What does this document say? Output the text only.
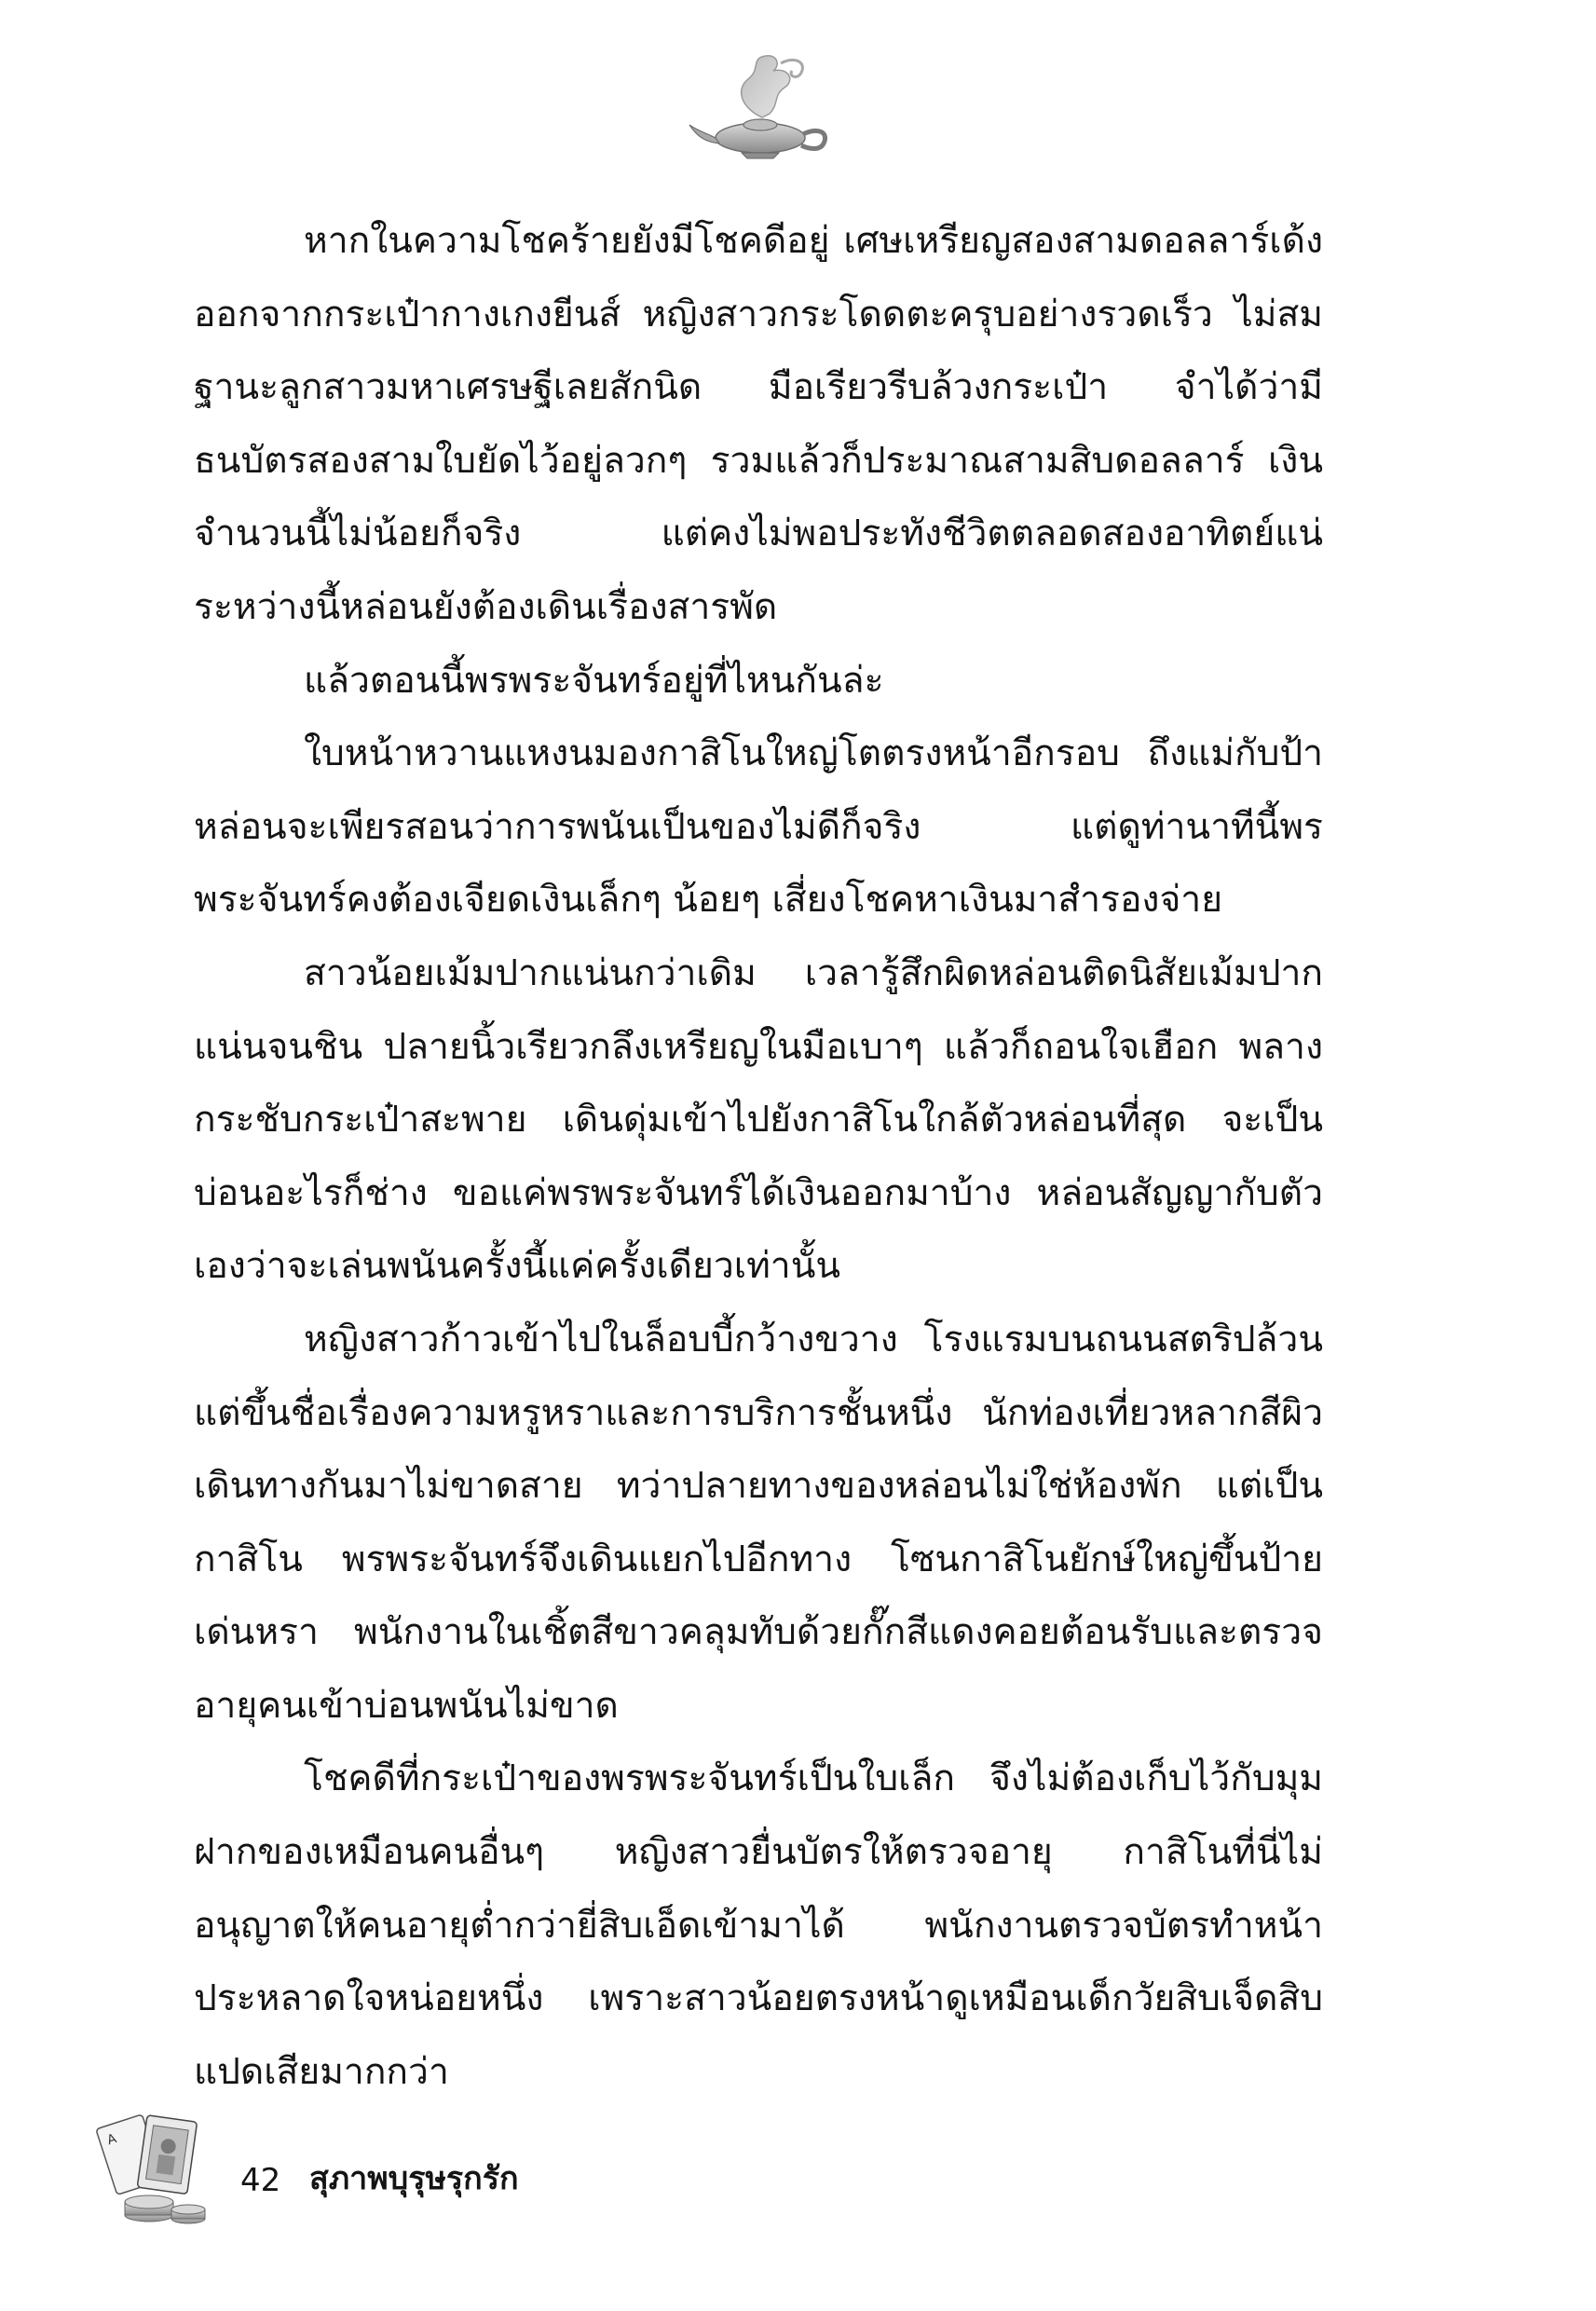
หากในความโชคร้ายยังมีโชคดีอยู่ เศษเหรียญสองสามดอลลาร์เด้งออกจากกระเป๋ากางเกงยีนส์ หญิงสาวกระโดดตะครุบอย่างรวดเร็ว ไม่สมฐานะลูกสาวมหาเศรษฐีเลยสักนิด มือเรียวรีบล้วงกระเป๋า จำได้ว่ามีธนบัตรสองสามใบยัดไว้อยู่ลวกๆ รวมแล้วก็ประมาณสามสิบดอลลาร์ เงินจำนวนนี้ไม่น้อยก็จริง แต่คงไม่พอประทังชีวิตตลอดสองอาทิตย์แน่ ระหว่างนี้หล่อนยังต้องเดินเรื่องสารพัด

แล้วตอนนี้พรพระจันทร์อยู่ที่ไหนกันล่ะ

ใบหน้าหวานแหงนมองกาสิโนใหญ่โตตรงหน้าอีกรอบ ถึงแม่กับป้าหล่อนจะเพียรสอนว่าการพนันเป็นของไม่ดีก็จริง แต่ดูท่านาทีนี้พรพระจันทร์คงต้องเจียดเงินเล็กๆ น้อยๆ เสี่ยงโชคหาเงินมาสำรองจ่าย

สาวน้อยเม้มปากแน่นกว่าเดิม เวลารู้สึกผิดหล่อนติดนิสัยเม้มปากแน่นจนชิน ปลายนิ้วเรียวกลึงเหรียญในมือเบาๆ แล้วก็ถอนใจเฮือก พลางกระชับกระเป๋าสะพาย เดินดุ่มเข้าไปยังกาสิโนใกล้ตัวหล่อนที่สุด จะเป็นบ่อนอะไรก็ช่าง ขอแค่พรพระจันทร์ได้เงินออกมาบ้าง หล่อนสัญญากับตัวเองว่าจะเล่นพนันครั้งนี้แค่ครั้งเดียวเท่านั้น

หญิงสาวก้าวเข้าไปในล็อบบี้กว้างขวาง โรงแรมบนถนนสตริปล้วนแต่ขึ้นชื่อเรื่องความหรูหราและการบริการชั้นหนึ่ง นักท่องเที่ยวหลากสีผิวเดินทางกันมาไม่ขาดสาย ทว่าปลายทางของหล่อนไม่ใช่ห้องพัก แต่เป็นกาสิโน พรพระจันทร์จึงเดินแยกไปอีกทาง โซนกาสิโนยักษ์ใหญ่ขึ้นป้ายเด่นหรา พนักงานในเชิ้ตสีขาวคลุมทับด้วยกั๊กสีแดงคอยต้อนรับและตรวจอายุคนเข้าบ่อนพนันไม่ขาด

โชคดีที่กระเป๋าของพรพระจันทร์เป็นใบเล็ก จึงไม่ต้องเก็บไว้กับมุมฝากของเหมือนคนอื่นๆ หญิงสาวยื่นบัตรให้ตรวจอายุ กาสิโนที่นี่ไม่อนุญาตให้คนอายุต่ำกว่ายี่สิบเอ็ดเข้ามาได้ พนักงานตรวจบัตรทำหน้าประหลาดใจหน่อยหนึ่ง เพราะสาวน้อยตรงหน้าดูเหมือนเด็กวัยสิบเจ็ดสิบแปดเสียมากกว่า

A
42 สุภาพบุรุษรุกรัก
